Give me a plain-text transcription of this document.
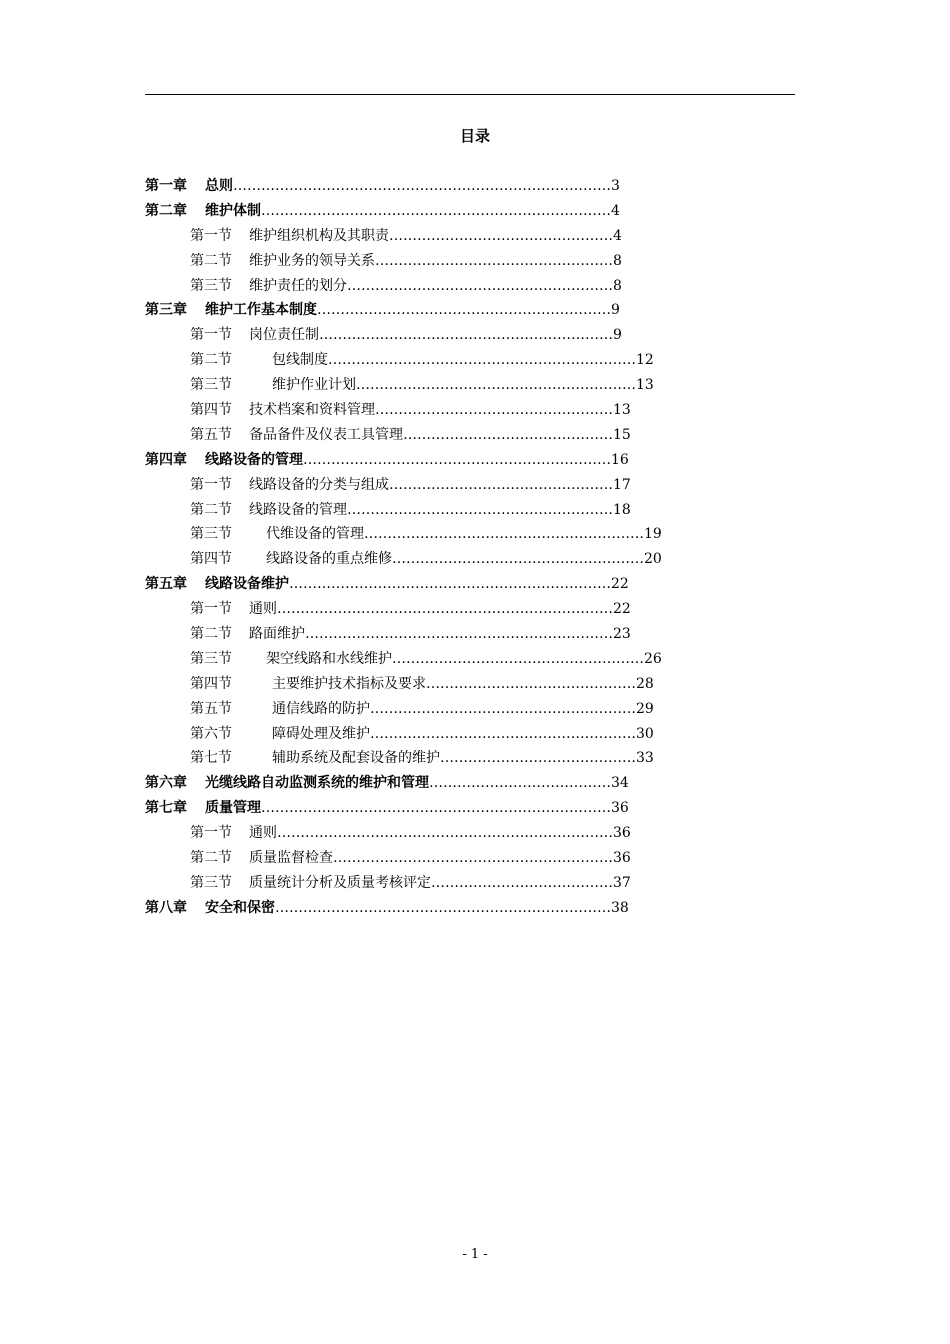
目录
第一章 总则………………………………………………………………………3
第二章 维护体制…………………………………………………………………4
第一节 维护组织机构及其职责…………………………………………4
第二节 维护业务的领导关系……………………………………………8
第三节 维护责任的划分…………………………………………………8
第三章 维护工作基本制度………………………………………………………9
第一节 岗位责任制………………………………………………………9
第二节	包线制度…………………………………………………………12
第三节	维护作业计划……………………………………………………13
第四节 技术档案和资料管理……………………………………………13
第五节 备品备件及仪表工具管理………………………………………15
第四章 线路设备的管理…………………………………………………………16
第一节 线路设备的分类与组成…………………………………………17
第二节 线路设备的管理…………………………………………………18
第三节 代维设备的管理……………………………………………………19
第四节 线路设备的重点维修………………………………………………20
第五章 线路设备维护……………………………………………………………22
第一节 通则………………………………………………………………22
第二节 路面维护…………………………………………………………23
第三节 架空线路和水线维护………………………………………………26
第四节	主要维护技术指标及要求………………………………………28
第五节	通信线路的防护…………………………………………………29
第六节	障碍处理及维护…………………………………………………30
第七节	辅助系统及配套设备的维护……………………………………33
第六章 光缆线路自动监测系统的维护和管理…………………………………34
第七章 质量管理…………………………………………………………………36
第一节 通则………………………………………………………………36
第二节 质量监督检查……………………………………………………36
第三节 质量统计分析及质量考核评定…………………………………37
第八章 安全和保密………………………………………………………………38
- 1 -
